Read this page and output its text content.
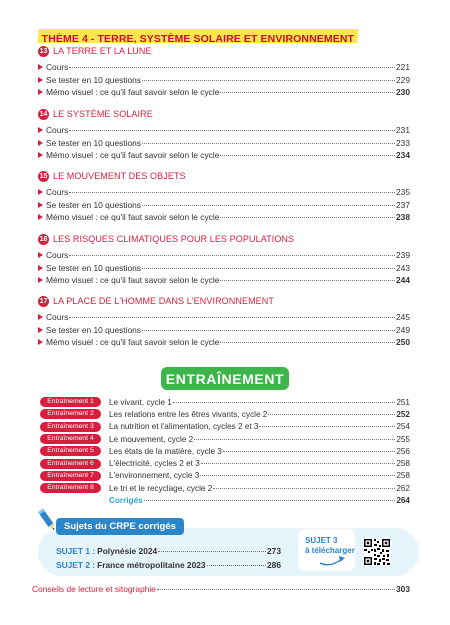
THÈME 4 - TERRE, SYSTÈME SOLAIRE ET ENVIRONNEMENT
13 LA TERRE ET LA LUNE
Cours	221
Se tester en 10 questions	229
Mémo visuel : ce qu'il faut savoir selon le cycle	230
14 LE SYSTÈME SOLAIRE
Cours	231
Se tester en 10 questions	233
Mémo visuel : ce qu'il faut savoir selon le cycle	234
15 LE MOUVEMENT DES OBJETS
Cours	235
Se tester en 10 questions	237
Mémo visuel : ce qu'il faut savoir selon le cycle	238
16 LES RISQUES CLIMATIQUES POUR LES POPULATIONS
Cours	239
Se tester en 10 questions	243
Mémo visuel : ce qu'il faut savoir selon le cycle	244
17 LA PLACE DE L'HOMME DANS L'ENVIRONNEMENT
Cours	245
Se tester en 10 questions	249
Mémo visuel : ce qu'il faut savoir selon le cycle	250
ENTRAÎNEMENT
Entraînement 1	Le vivant, cycle 1	251
Entraînement 2	Les relations entre les êtres vivants, cycle 2	252
Entraînement 3	La nutrition et l'alimentation, cycles 2 et 3	254
Entraînement 4	Le mouvement, cycle 2	255
Entraînement 5	Les états de la matière, cycle 3	256
Entraînement 6	L'électricité, cycles 2 et 3	258
Entraînement 7	L'environnement, cycle 3	258
Entraînement 8	Le tri et le recyclage, cycle 2	262
Corrigés	264
Sujets du CRPE corrigés
SUJET 1 : Polynésie 2024	273
SUJET 2 : France métropolitaine 2023	286
SUJET 3
à télécharger
Conseils de lecture et sitographie	303
